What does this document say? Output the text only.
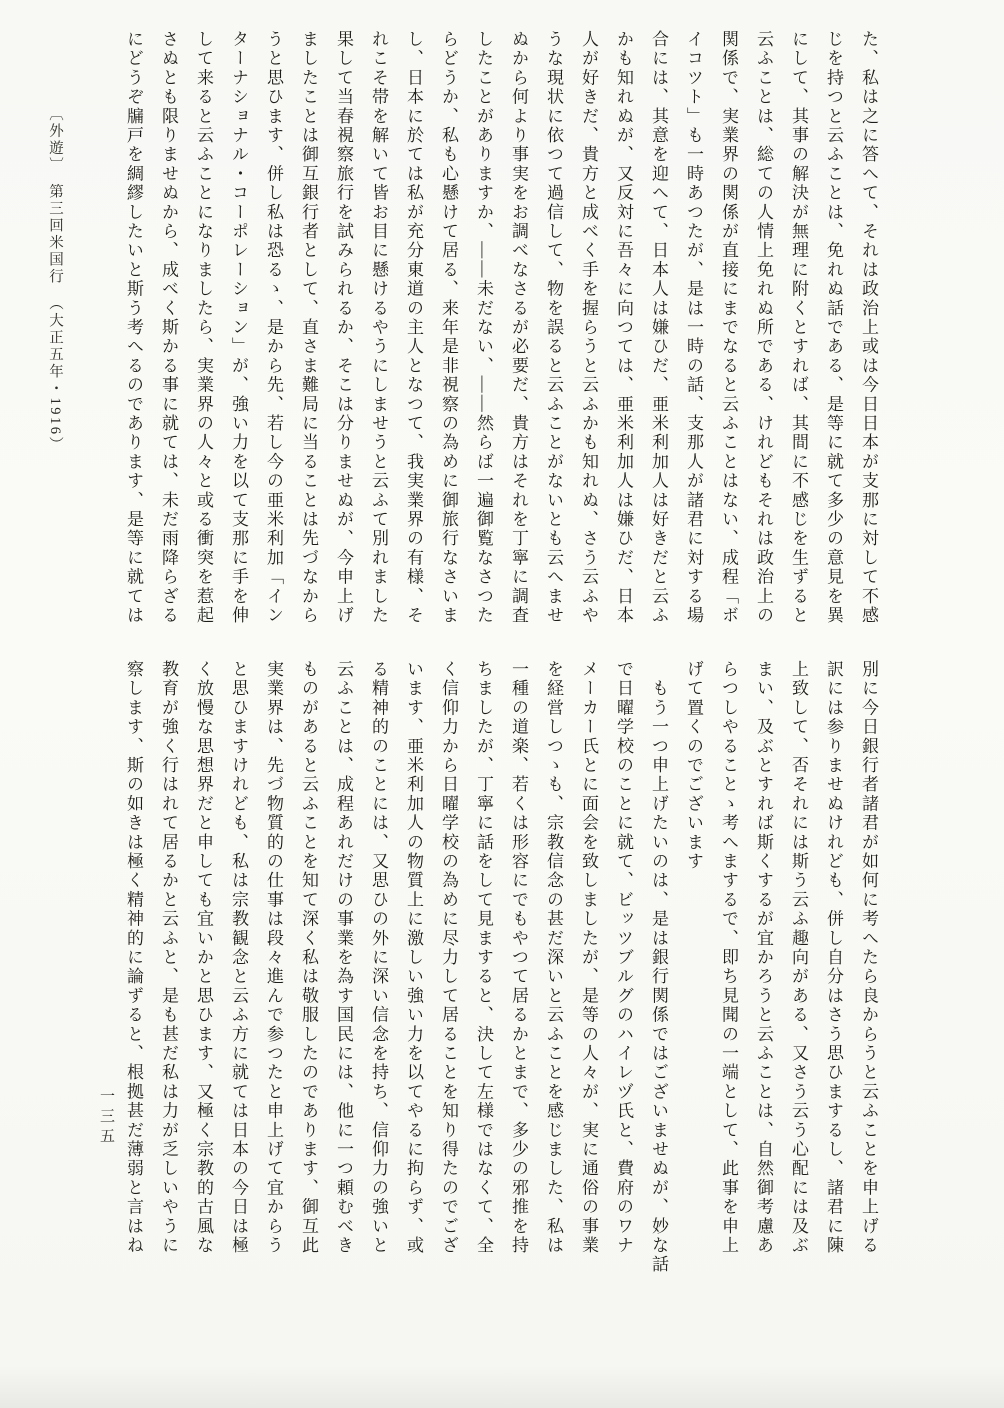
た、私は之に答へて、それは政治上或は今日日本が支那に対して不感
じを持つと云ふことは、免れぬ話である、是等に就て多少の意見を異
にして、其事の解決が無理に附くとすれば、其間に不感じを生ずると
云ふことは、総ての人情上免れぬ所である、けれどもそれは政治上の
関係で、実業界の関係が直接にまでなると云ふことはない、成程「ボ
イコツト」も一時あつたが、是は一時の話、支那人が諸君に対する場
合には、其意を迎へて、日本人は嫌ひだ、亜米利加人は好きだと云ふ
かも知れぬが、又反対に吾々に向つては、亜米利加人は嫌ひだ、日本
人が好きだ、貴方と成べく手を握らうと云ふかも知れぬ、さう云ふや
うな現状に依つて過信して、物を誤ると云ふことがないとも云へませ
ぬから何より事実をお調べなさるが必要だ、貴方はそれを丁寧に調査
したことがありますか、——未だない、——然らば一遍御覧なさつた
らどうか、私も心懸けて居る、来年是非視察の為めに御旅行なさいま
し、日本に於ては私が充分東道の主人となつて、我実業界の有様、そ
れこそ帯を解いて皆お目に懸けるやうにしませうと云ふて別れました
果して当春視察旅行を試みられるか、そこは分りませぬが、今申上げ
ましたことは御互銀行者として、直さま難局に当ることは先づなから
うと思ひます、併し私は恐るゝ、是から先、若し今の亜米利加「イン
ターナショナル・コーポレーション」が、強い力を以て支那に手を伸
して来ると云ふことになりましたら、実業界の人々と或る衝突を惹起
さぬとも限りませぬから、成べく斯かる事に就ては、未だ雨降らざる
にどうぞ牖戸を綢繆したいと斯う考へるのであります、是等に就ては
別に今日銀行者諸君が如何に考へたら良からうと云ふことを申上げる
訳には参りませぬけれども、併し自分はさう思ひまするし、諸君に陳
上致して、否それには斯う云ふ趣向がある、又さう云う心配には及ぶ
まい、及ぶとすれば斯くするが宜かろうと云ふことは、自然御考慮あ
らつしやることゝ考へまするで、即ち見聞の一端として、此事を申上
げて置くのでございます
　もう一つ申上げたいのは、是は銀行関係ではございませぬが、妙な話
で日曜学校のことに就て、ビッツブルグのハイレヅ氏と、費府のワナ
メーカー氏とに面会を致しましたが、是等の人々が、実に通俗の事業
を経営しつゝも、宗教信念の甚だ深いと云ふことを感じました、私は
一種の道楽、若くは形容にでもやつて居るかとまで、多少の邪推を持
ちましたが、丁寧に話をして見ますると、決して左様ではなくて、全
く信仰力から日曜学校の為めに尽力して居ることを知り得たのでござ
います、亜米利加人の物質上に激しい強い力を以てやるに拘らず、或
る精神的のことには、又思ひの外に深い信念を持ち、信仰力の強いと
云ふことは、成程あれだけの事業を為す国民には、他に一つ頼むべき
ものがあると云ふことを知て深く私は敬服したのであります、御互此
実業界は、先づ物質的の仕事は段々進んで参つたと申上げて宜からう
と思ひますけれども、私は宗教観念と云ふ方に就ては日本の今日は極
く放慢な思想界だと申しても宜いかと思ひます、又極く宗教的古風な
教育が強く行はれて居るかと云ふと、是も甚だ私は力が乏しいやうに
察します、斯の如きは極く精神的に論ずると、根拠甚だ薄弱と言はね
〔外遊〕　第三回米国行　（大正五年・1916）
一三五
